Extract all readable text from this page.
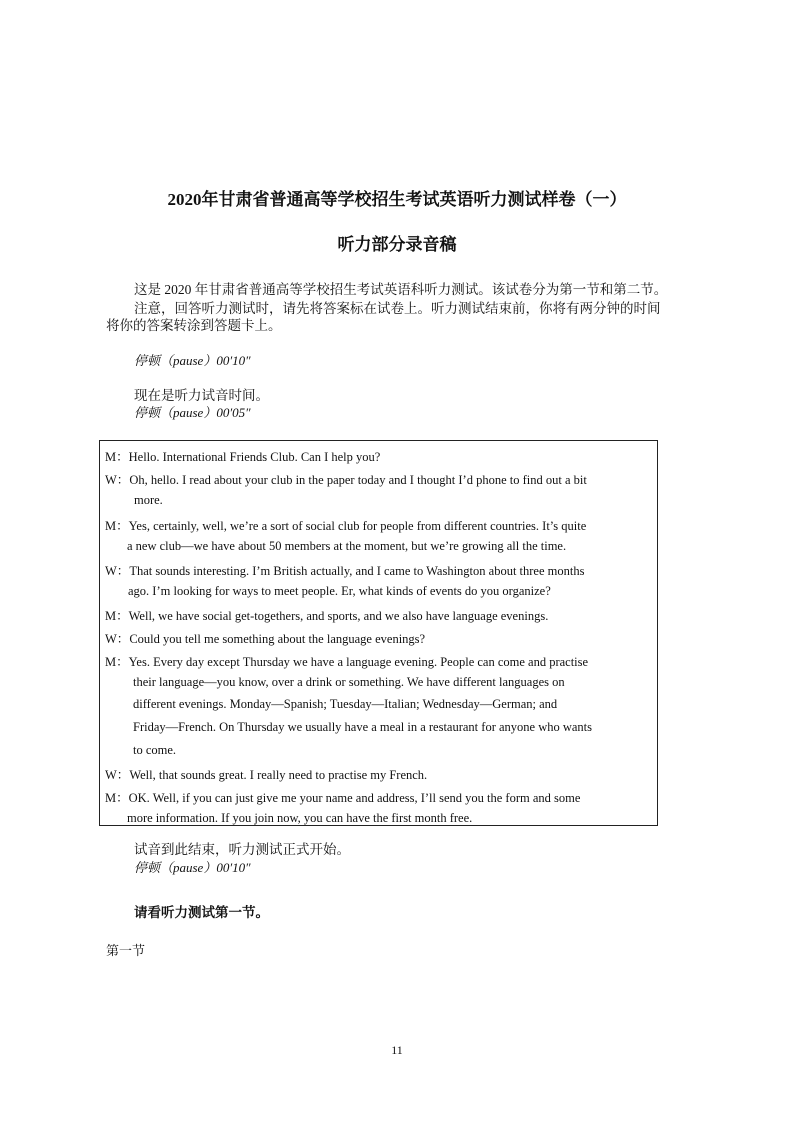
2020年甘肃省普通高等学校招生考试英语听力测试样卷（一）
听力部分录音稿
这是 2020 年甘肃省普通高等学校招生考试英语科听力测试。该试卷分为第一节和第二节。
注意，回答听力测试时，请先将答案标在试卷上。听力测试结束前，你将有两分钟的时间
将你的答案转涂到答题卡上。
停顿（pause）00′10″
现在是听力试音时间。
停顿（pause）00′05″
M：Hello. International Friends Club. Can I help you?
W：Oh, hello. I read about your club in the paper today and I thought I’d phone to find out a bit
more.
M：Yes, certainly, well, we’re a sort of social club for people from different countries. It’s quite
a new club—we have about 50 members at the moment, but we’re growing all the time.
W：That sounds interesting. I’m British actually, and I came to Washington about three months
ago. I’m looking for ways to meet people. Er, what kinds of events do you organize?
M：Well, we have social get-togethers, and sports, and we also have language evenings.
W：Could you tell me something about the language evenings?
M：Yes. Every day except Thursday we have a language evening. People can come and practise
their language—you know, over a drink or something. We have different languages on
different evenings. Monday—Spanish; Tuesday—Italian; Wednesday—German; and
Friday—French. On Thursday we usually have a meal in a restaurant for anyone who wants
to come.
W：Well, that sounds great. I really need to practise my French.
M：OK. Well, if you can just give me your name and address, I’ll send you the form and some
more information. If you join now, you can have the first month free.
试音到此结束，听力测试正式开始。
停顿（pause）00′10″
请看听力测试第一节。
第一节
11
